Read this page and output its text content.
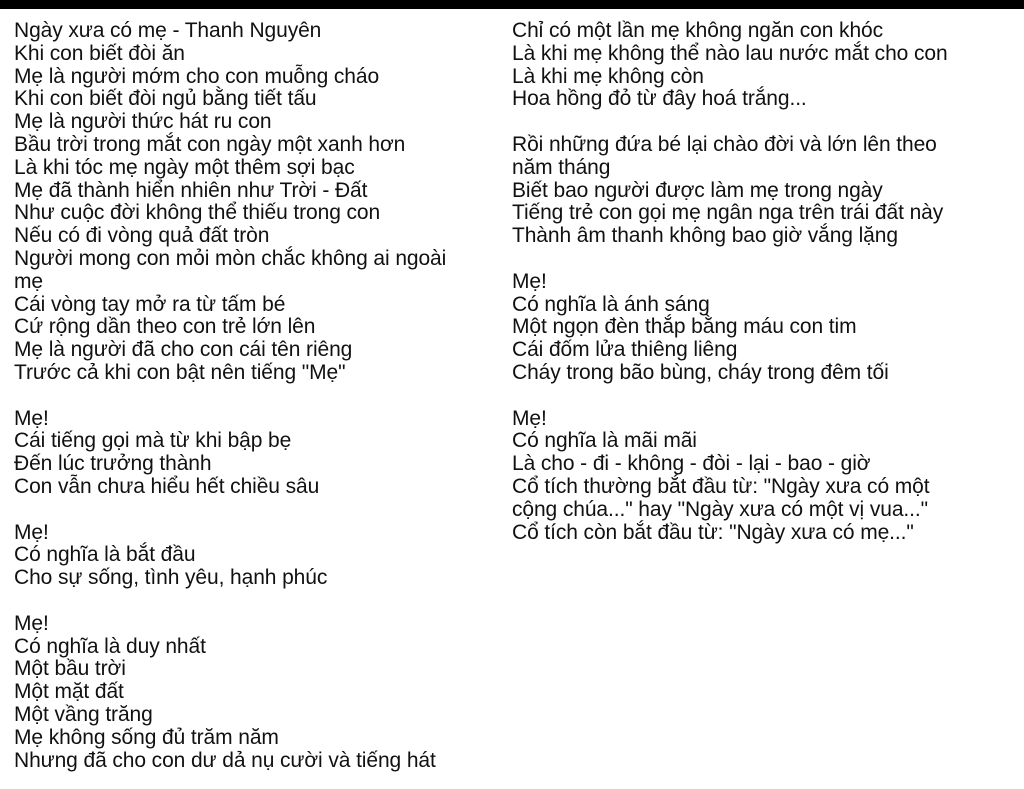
Ngày xưa có mẹ - Thanh Nguyên
Khi con biết đòi ăn
Mẹ là người mớm cho con muỗng cháo
Khi con biết đòi ngủ bằng tiết tấu
Mẹ là người thức hát ru con
Bầu trời trong mắt con ngày một xanh hơn
Là khi tóc mẹ ngày một thêm sợi bạc
Mẹ đã thành hiển nhiên như Trời - Đất
Như cuộc đời không thể thiếu trong con
Nếu có đi vòng quả đất tròn
Người mong con mỏi mòn chắc không ai ngoài
mẹ
Cái vòng tay mở ra từ tấm bé
Cứ rộng dần theo con trẻ lớn lên
Mẹ là người đã cho con cái tên riêng
Trước cả khi con bật nên tiếng "Mẹ"
Mẹ!
Cái tiếng gọi mà từ khi bập bẹ
Đến lúc trưởng thành
Con vẫn chưa hiểu hết chiều sâu
Mẹ!
Có nghĩa là bắt đầu
Cho sự sống, tình yêu, hạnh phúc
Mẹ!
Có nghĩa là duy nhất
Một bầu trời
Một mặt đất
Một vầng trăng
Mẹ không sống đủ trăm năm
Nhưng đã cho con dư dả nụ cười và tiếng hát
Chỉ có một lần mẹ không ngăn con khóc
Là khi mẹ không thể nào lau nước mắt cho con
Là khi mẹ không còn
Hoa hồng đỏ từ đây hoá trắng...
Rồi những đứa bé lại chào đời và lớn lên theo
năm tháng
Biết bao người được làm mẹ trong ngày
Tiếng trẻ con gọi mẹ ngân nga trên trái đất này
Thành âm thanh không bao giờ vắng lặng
Mẹ!
Có nghĩa là ánh sáng
Một ngọn đèn thắp bằng máu con tim
Cái đốm lửa thiêng liêng
Cháy trong bão bùng, cháy trong đêm tối
Mẹ!
Có nghĩa là mãi mãi
Là cho - đi - không - đòi - lại - bao - giờ
Cổ tích thường bắt đầu từ: "Ngày xưa có một
cộng chúa..." hay "Ngày xưa có một vị vua..."
Cổ tích còn bắt đầu từ: "Ngày xưa có mẹ..."
